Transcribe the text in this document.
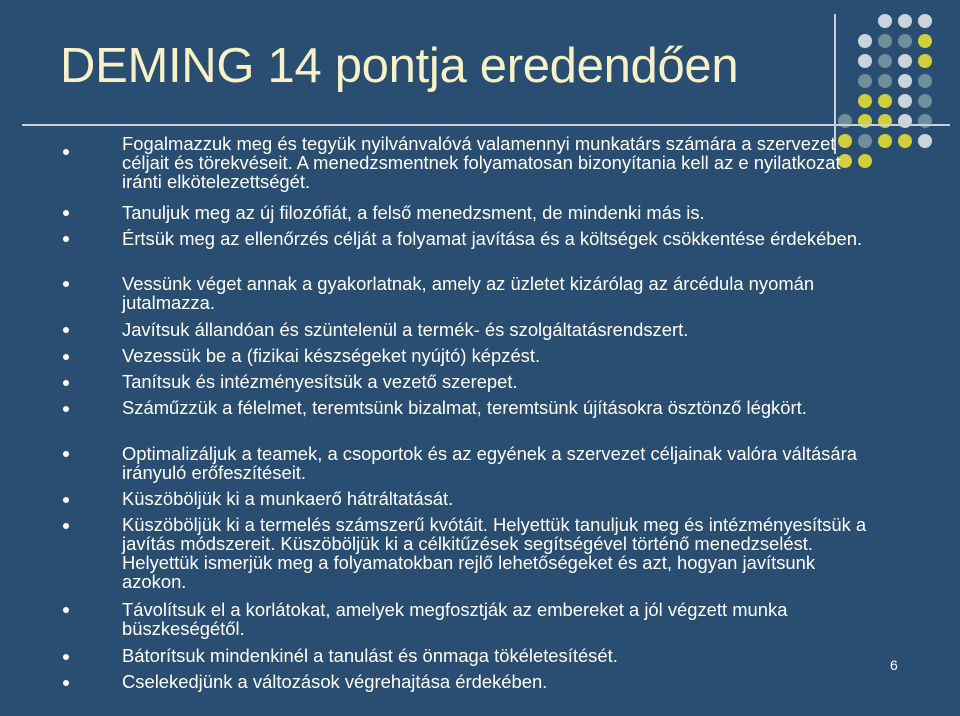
DEMING 14 pontja eredendően
Fogalmazzuk meg és tegyük nyilvánvalóvá valamennyi munkatárs számára a szervezet céljait és törekvéseit. A menedzsmentnek folyamatosan bizonyítania kell az e nyilatkozat iránti elkötelezettségét.
Tanuljuk meg az új filozófiát, a felső menedzsment, de mindenki más is.
Értsük meg az ellenőrzés célját a folyamat javítása és a költségek csökkentése érdekében.
Vessünk véget annak a gyakorlatnak, amely az üzletet kizárólag az árcédula nyomán jutalmazza.
Javítsuk állandóan és szüntelenül a termék- és szolgáltatásrendszert.
Vezessük be a (fizikai készségeket nyújtó) képzést.
Tanítsuk és intézményesítsük a vezető szerepet.
Száműzzük a félelmet, teremtsünk bizalmat, teremtsünk újításokra ösztönző légkört.
Optimalizáljuk a teamek, a csoportok és az egyének a szervezet céljainak valóra váltására irányuló erőfeszítéseit.
Küszöböljük ki a munkaerő hátráltatását.
Küszöböljük ki a termelés számszerű kvótáit. Helyettük tanuljuk meg és intézményesítsük a javítás módszereit. Küszöböljük ki a célkitűzések segítségével történő menedzselést. Helyettük ismerjük meg a folyamatokban rejlő lehetőségeket és azt, hogyan javítsunk azokon.
Távolítsuk el a korlátokat, amelyek megfosztják az embereket a jól végzett munka büszkeségétől.
Bátorítsuk mindenkinél a tanulást és önmaga tökéletesítését.
Cselekedjünk a változások végrehajtása érdekében.
6
